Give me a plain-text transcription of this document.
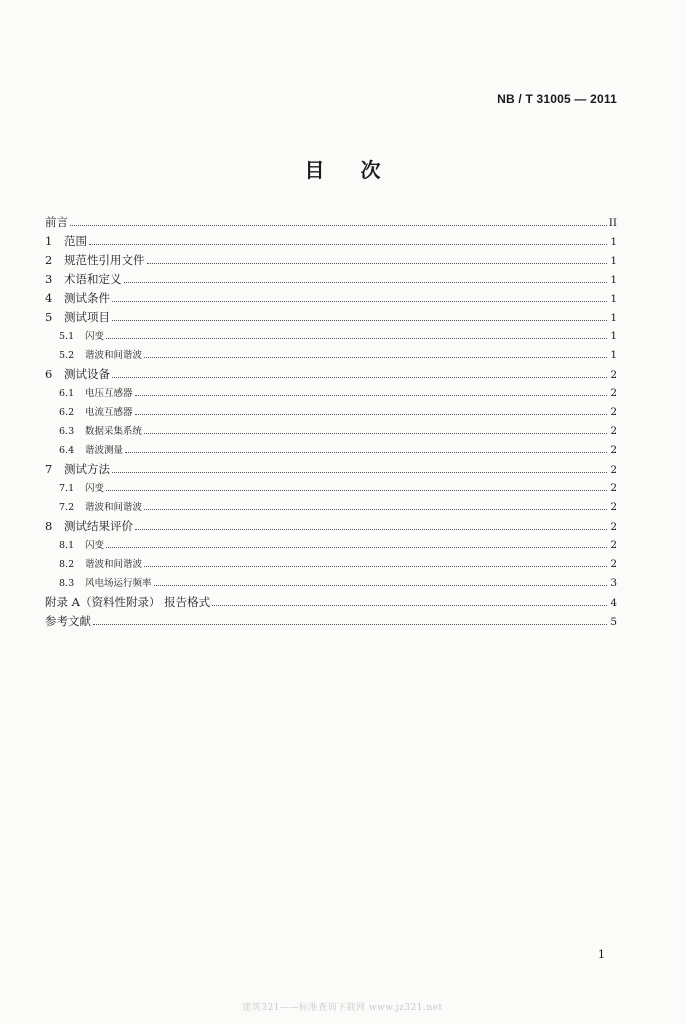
NB / T 31005 — 2011
目次
前言	II
1	范围	1
2	规范性引用文件	1
3	术语和定义	1
4	测试条件	1
5	测试项目	1
5.1	闪变	1
5.2	谐波和间谐波	1
6	测试设备	2
6.1	电压互感器	2
6.2	电流互感器	2
6.3	数据采集系统	2
6.4	谐波测量	2
7	测试方法	2
7.1	闪变	2
7.2	谐波和间谐波	2
8	测试结果评价	2
8.1	闪变	2
8.2	谐波和间谐波	2
8.3	风电场运行频率	3
附录 A（资料性附录） 报告格式	4
参考文献	5
1
建筑321——标准查询下载网 www.jz321.net
